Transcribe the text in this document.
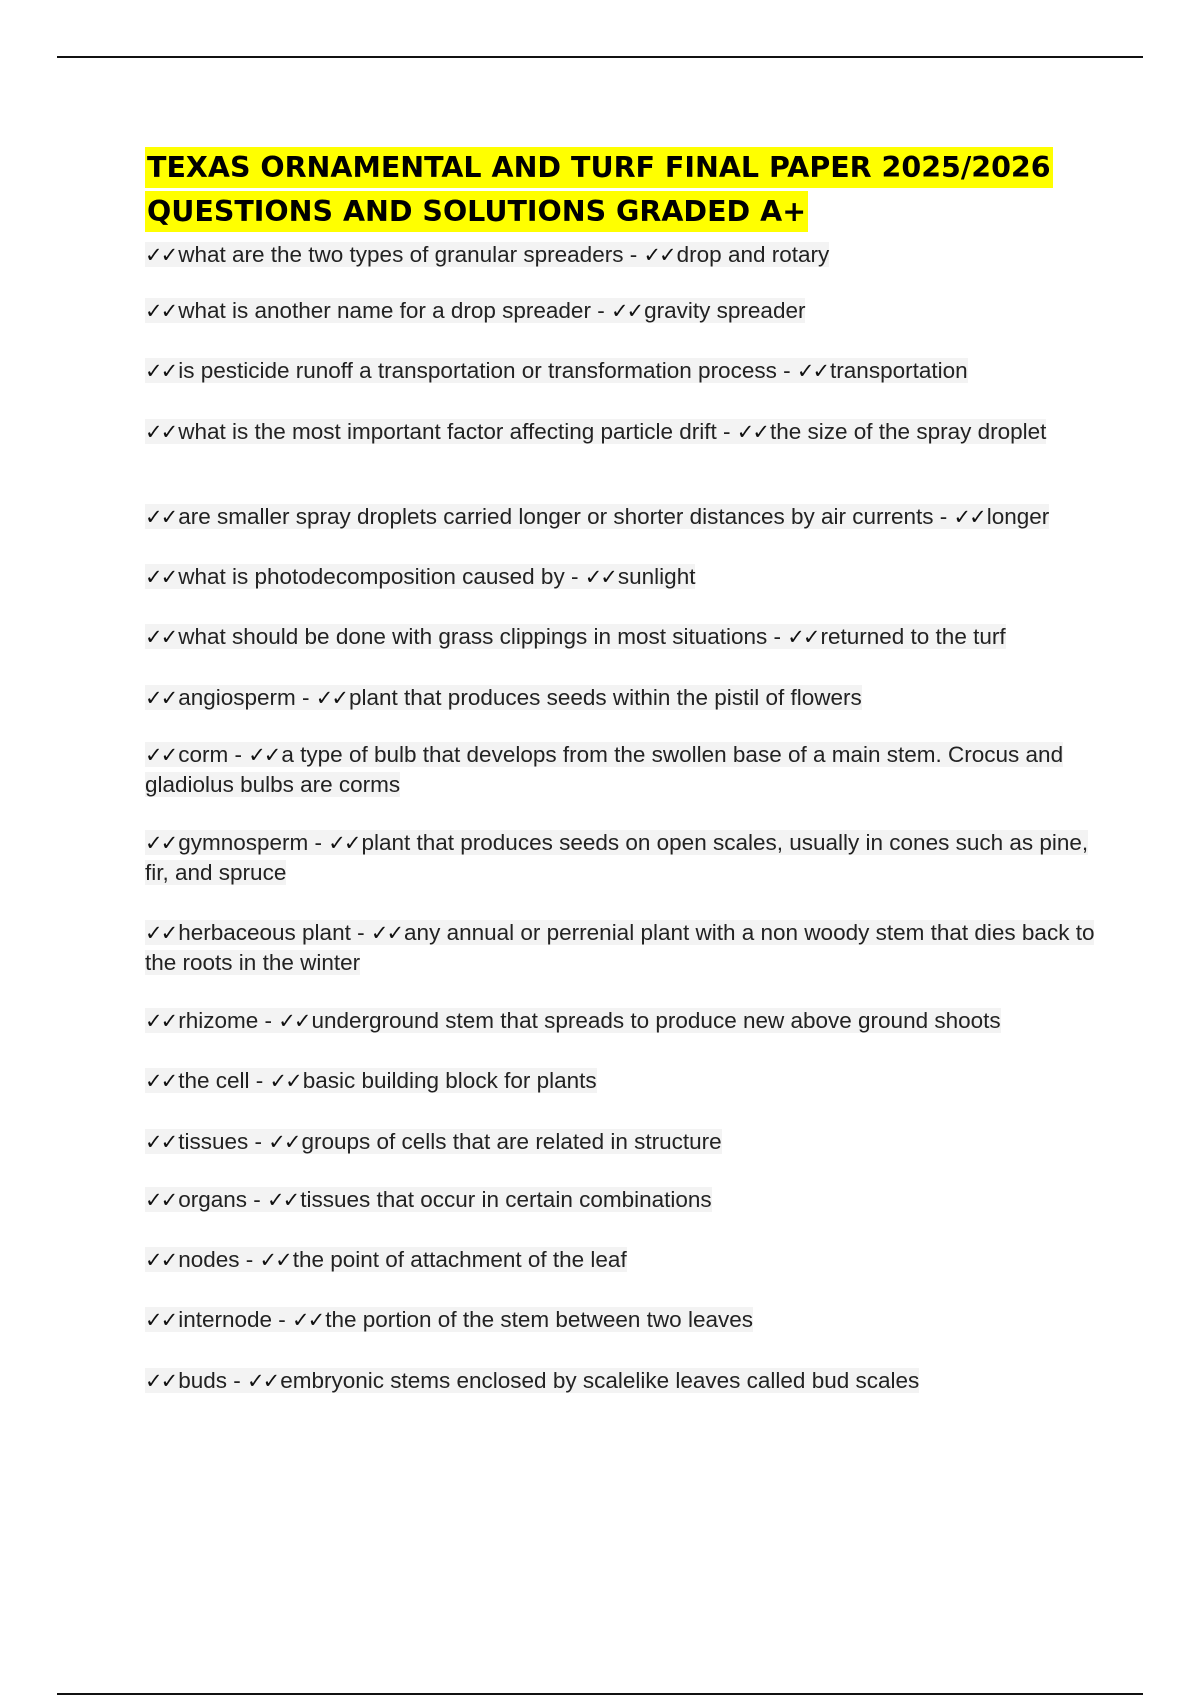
TEXAS ORNAMENTAL AND TURF FINAL PAPER 2025/2026 QUESTIONS AND SOLUTIONS GRADED A+
✓✓what are the two types of granular spreaders - ✓✓drop and rotary
✓✓what is another name for a drop spreader - ✓✓gravity spreader
✓✓is pesticide runoff a transportation or transformation process - ✓✓transportation
✓✓what is the most important factor affecting particle drift - ✓✓the size of the spray droplet
✓✓are smaller spray droplets carried longer or shorter distances by air currents - ✓✓longer
✓✓what is photodecomposition caused by - ✓✓sunlight
✓✓what should be done with grass clippings in most situations - ✓✓returned to the turf
✓✓angiosperm - ✓✓plant that produces seeds within the pistil of flowers
✓✓corm - ✓✓a type of bulb that develops from the swollen base of a main stem. Crocus and gladiolus bulbs are corms
✓✓gymnosperm - ✓✓plant that produces seeds on open scales, usually in cones such as pine, fir, and spruce
✓✓herbaceous plant - ✓✓any annual or perrenial plant with a non woody stem that dies back to the roots in the winter
✓✓rhizome - ✓✓underground stem that spreads to produce new above ground shoots
✓✓the cell - ✓✓basic building block for plants
✓✓tissues - ✓✓groups of cells that are related in structure
✓✓organs - ✓✓tissues that occur in certain combinations
✓✓nodes - ✓✓the point of attachment of the leaf
✓✓internode - ✓✓the portion of the stem between two leaves
✓✓buds - ✓✓embryonic stems enclosed by scalelike leaves called bud scales
